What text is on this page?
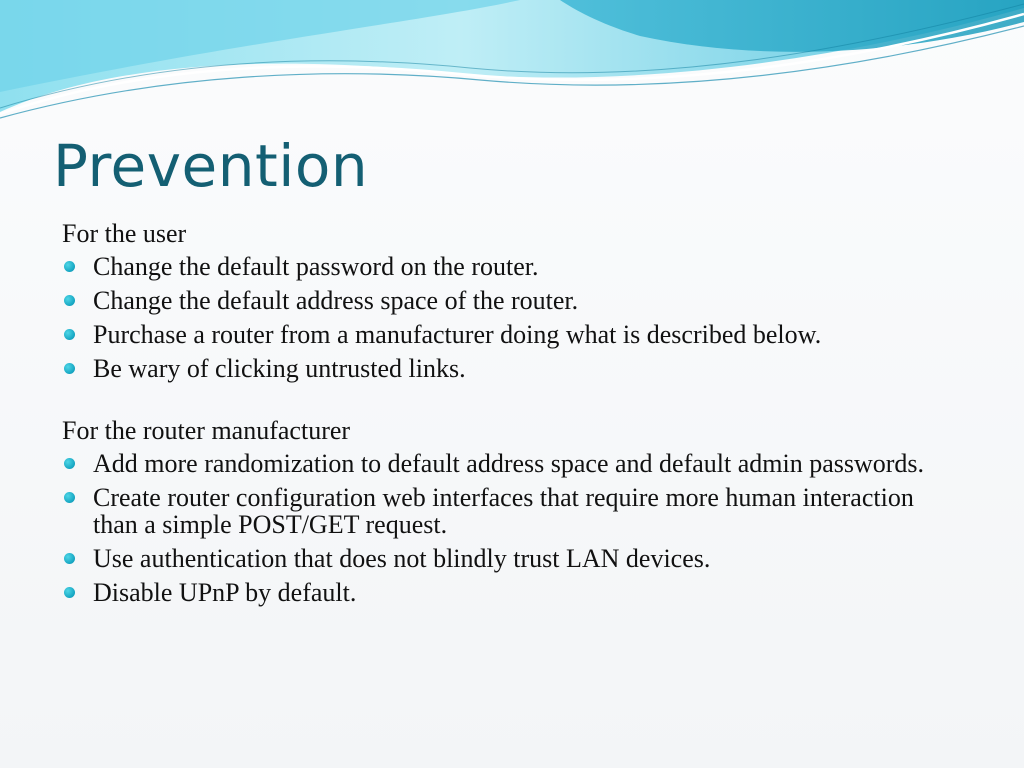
Prevention

For the user

Change the default password on the router.
Change the default address space of the router.
Purchase a router from a manufacturer doing what is described below.
Be wary of clicking untrusted links.

For the router manufacturer

Add more randomization to default address space and default admin passwords.
Create router configuration web interfaces that require more human interaction than a simple POST/GET request.
Use authentication that does not blindly trust LAN devices.
Disable UPnP by default.
